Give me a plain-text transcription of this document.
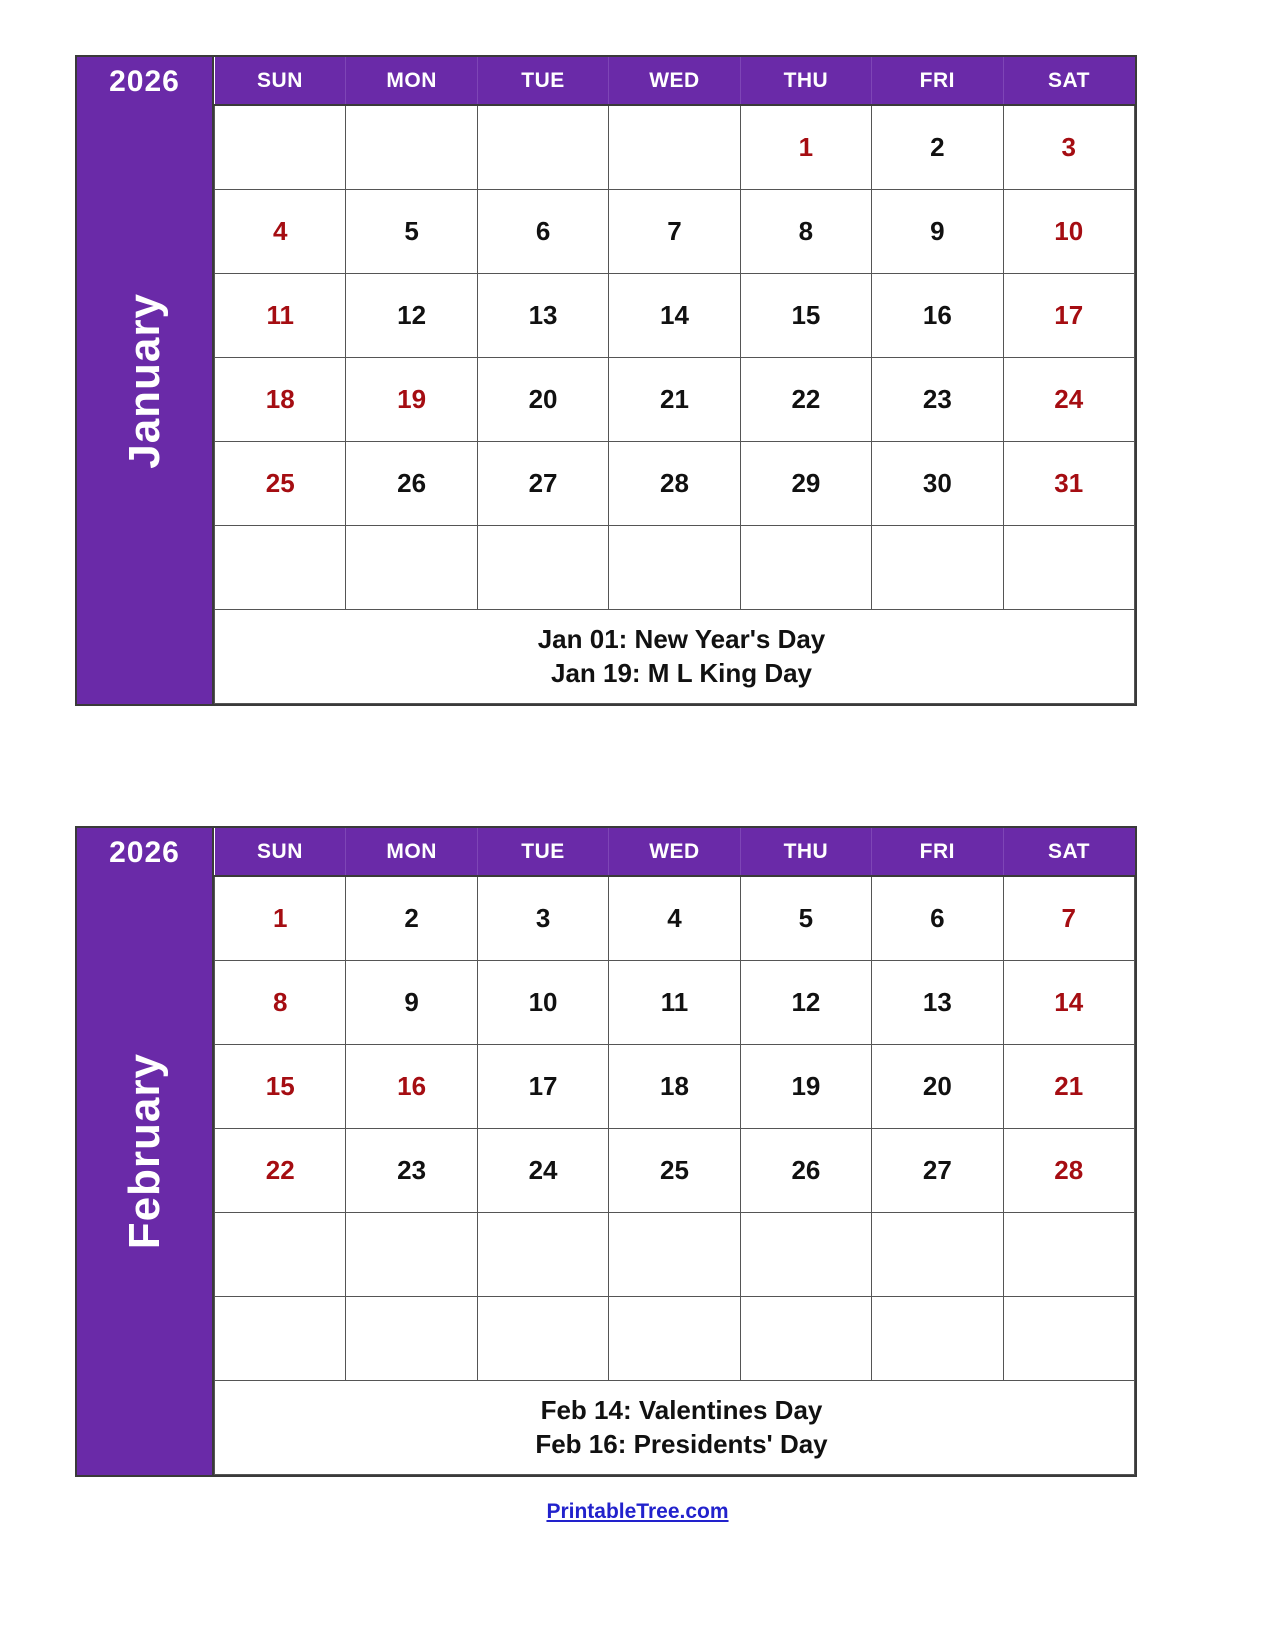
2026
January
SUN	MON	TUE	WED	THU	FRI	SAT
				1	2	3
4	5	6	7	8	9	10
11	12	13	14	15	16	17
18	19	20	21	22	23	24
25	26	27	28	29	30	31

Jan 01: New Year's Day
Jan 19: M L King Day						
2026
February
SUN	MON	TUE	WED	THU	FRI	SAT
1	2	3	4	5	6	7
8	9	10	11	12	13	14
15	16	17	18	19	20	21
22	23	24	25	26	27	28

Feb 14: Valentines Day
Feb 16: Presidents' Day						
PrintableTree.com
